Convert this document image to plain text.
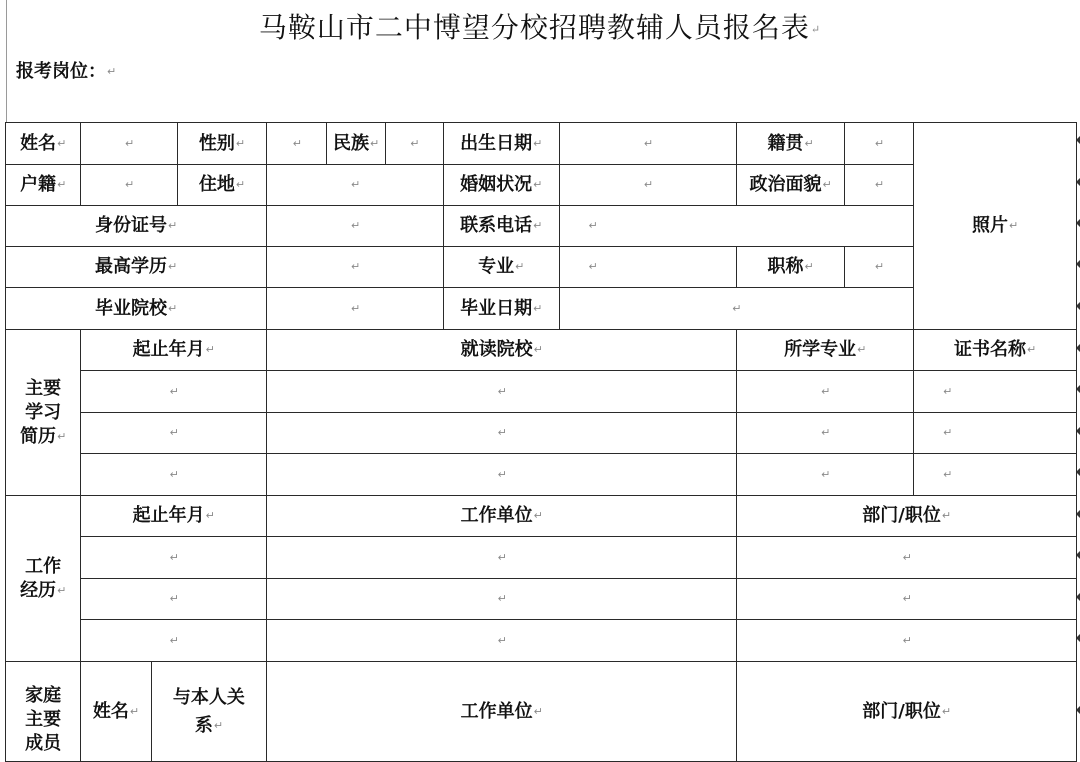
马鞍山市二中博望分校招聘教辅人员报名表↵
报考岗位：↵
姓名↵	↵		性别↵	↵	民族↵	↵	出生日期↵	↵	籍贯↵	↵	照片↵
户籍↵	↵		住地↵	↵			婚姻状况↵	↵	政治面貌↵	↵	
身份证号↵				↵			联系电话↵	↵			
最高学历↵				↵			专业↵	↵	职称↵	↵	
毕业院校↵				↵			毕业日期↵	↵			

主要
学习
简历↵	起止年月↵			就读院校↵					所学专业↵		证书名称↵
	↵			↵					↵		↵
	↵			↵					↵		↵
	↵			↵					↵		↵

工作
经历↵	起止年月↵			工作单位↵					部门/职位↵		
	↵			↵					↵		
	↵			↵					↵		
	↵			↵					↵		

家庭
主要
成员	姓名↵	与本人关系↵		工作单位↵					部门/职位↵		
